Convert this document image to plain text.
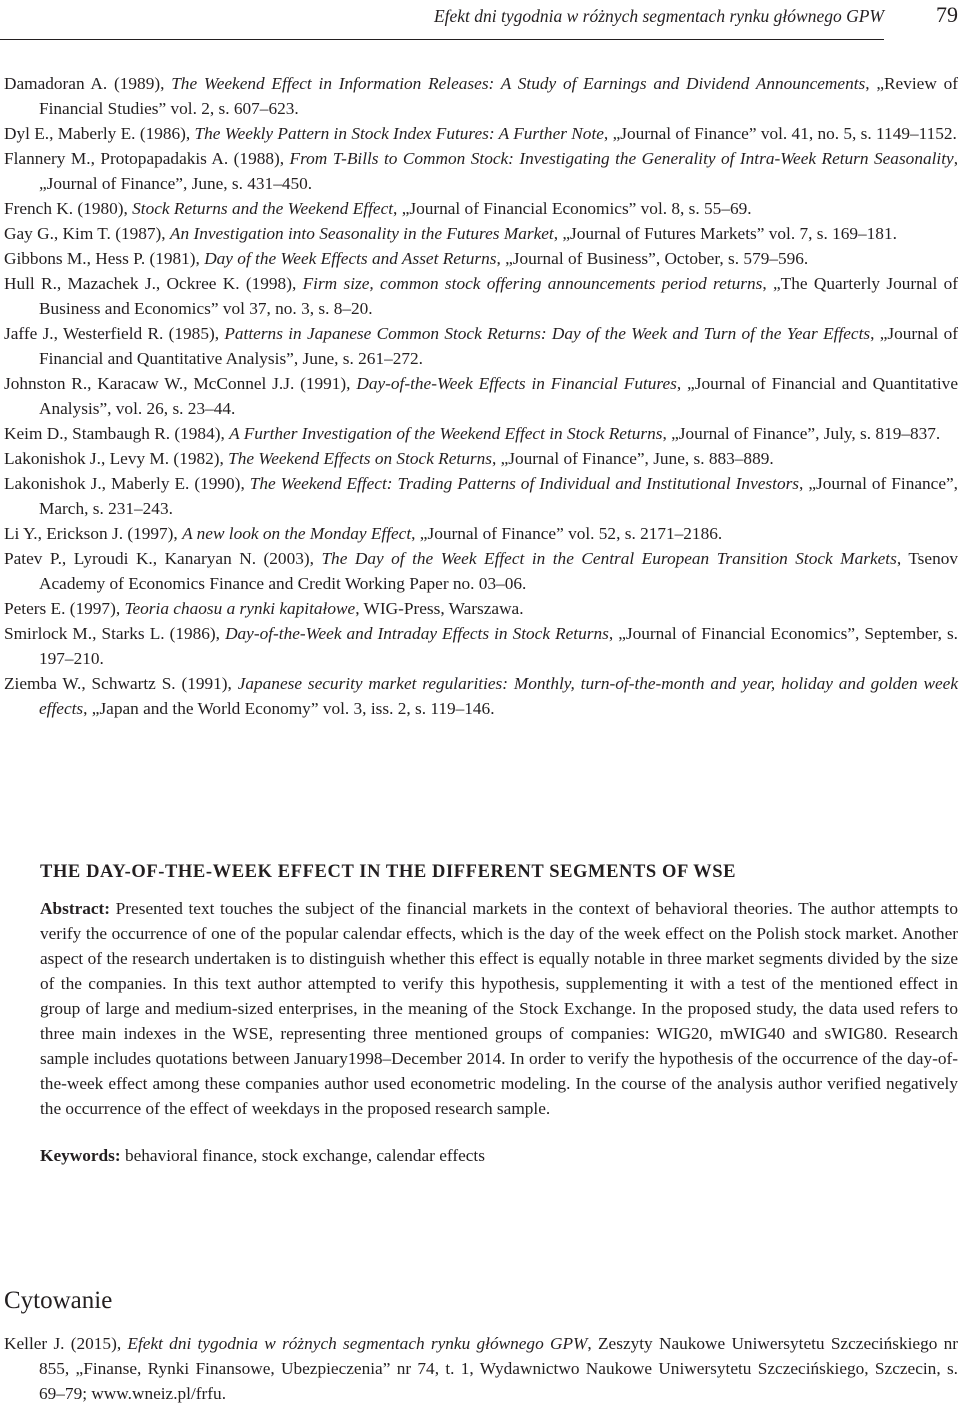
Efekt dni tygodnia w różnych segmentach rynku głównego GPW 79
Damadoran A. (1989), The Weekend Effect in Information Releases: A Study of Earnings and Dividend Announcements, „Review of Financial Studies” vol. 2, s. 607–623.
Dyl E., Maberly E. (1986), The Weekly Pattern in Stock Index Futures: A Further Note, „Journal of Finance” vol. 41, no. 5, s. 1149–1152.
Flannery M., Protopapadakis A. (1988), From T-Bills to Common Stock: Investigating the Generality of Intra-Week Return Seasonality, „Journal of Finance”, June, s. 431–450.
French K. (1980), Stock Returns and the Weekend Effect, „Journal of Financial Economics” vol. 8, s. 55–69.
Gay G., Kim T. (1987), An Investigation into Seasonality in the Futures Market, „Journal of Futures Markets” vol. 7, s. 169–181.
Gibbons M., Hess P. (1981), Day of the Week Effects and Asset Returns, „Journal of Business”, October, s. 579–596.
Hull R., Mazachek J., Ockree K. (1998), Firm size, common stock offering announcements period returns, „The Quarterly Journal of Business and Economics” vol 37, no. 3, s. 8–20.
Jaffe J., Westerfield R. (1985), Patterns in Japanese Common Stock Returns: Day of the Week and Turn of the Year Effects, „Journal of Financial and Quantitative Analysis”, June, s. 261–272.
Johnston R., Karacaw W., McConnel J.J. (1991), Day-of-the-Week Effects in Financial Futures, „Journal of Financial and Quantitative Analysis”, vol. 26, s. 23–44.
Keim D., Stambaugh R. (1984), A Further Investigation of the Weekend Effect in Stock Returns, „Journal of Finance”, July, s. 819–837.
Lakonishok J., Levy M. (1982), The Weekend Effects on Stock Returns, „Journal of Finance”, June, s. 883–889.
Lakonishok J., Maberly E. (1990), The Weekend Effect: Trading Patterns of Individual and Institutional Investors, „Journal of Finance”, March, s. 231–243.
Li Y., Erickson J. (1997), A new look on the Monday Effect, „Journal of Finance” vol. 52, s. 2171–2186.
Patev P., Lyroudi K., Kanaryan N. (2003), The Day of the Week Effect in the Central European Transition Stock Markets, Tsenov Academy of Economics Finance and Credit Working Paper no. 03–06.
Peters E. (1997), Teoria chaosu a rynki kapitałowe, WIG-Press, Warszawa.
Smirlock M., Starks L. (1986), Day-of-the-Week and Intraday Effects in Stock Returns, „Journal of Financial Economics”, September, s. 197–210.
Ziemba W., Schwartz S. (1991), Japanese security market regularities: Monthly, turn-of-the-month and year, holiday and golden week effects, „Japan and the World Economy” vol. 3, iss. 2, s. 119–146.
THE DAY-OF-THE-WEEK EFFECT IN THE DIFFERENT SEGMENTS OF WSE

Abstract: Presented text touches the subject of the financial markets in the context of behavioral theories. The author attempts to verify the occurrence of one of the popular calendar effects, which is the day of the week effect on the Polish stock market. Another aspect of the research undertaken is to distinguish whether this effect is equally notable in three market segments divided by the size of the companies. In this text author attempted to verify this hypothesis, supplementing it with a test of the mentioned effect in group of large and medium-sized enterprises, in the meaning of the Stock Exchange. In the proposed study, the data used refers to three main indexes in the WSE, representing three mentioned groups of companies: WIG20, mWIG40 and sWIG80. Research sample includes quotations between January1998–December 2014. In order to verify the hypothesis of the occurrence of the day-of-the-week effect among these companies author used econometric modeling. In the course of the analysis author verified negatively the occurrence of the effect of weekdays in the proposed research sample.

Keywords: behavioral finance, stock exchange, calendar effects

Cytowanie
Keller J. (2015), Efekt dni tygodnia w różnych segmentach rynku głównego GPW, Zeszyty Naukowe Uniwersytetu Szczecińskiego nr 855, „Finanse, Rynki Finansowe, Ubezpieczenia” nr 74, t. 1, Wydawnictwo Naukowe Uniwersytetu Szczecińskiego, Szczecin, s. 69–79; www.wneiz.pl/frfu.
